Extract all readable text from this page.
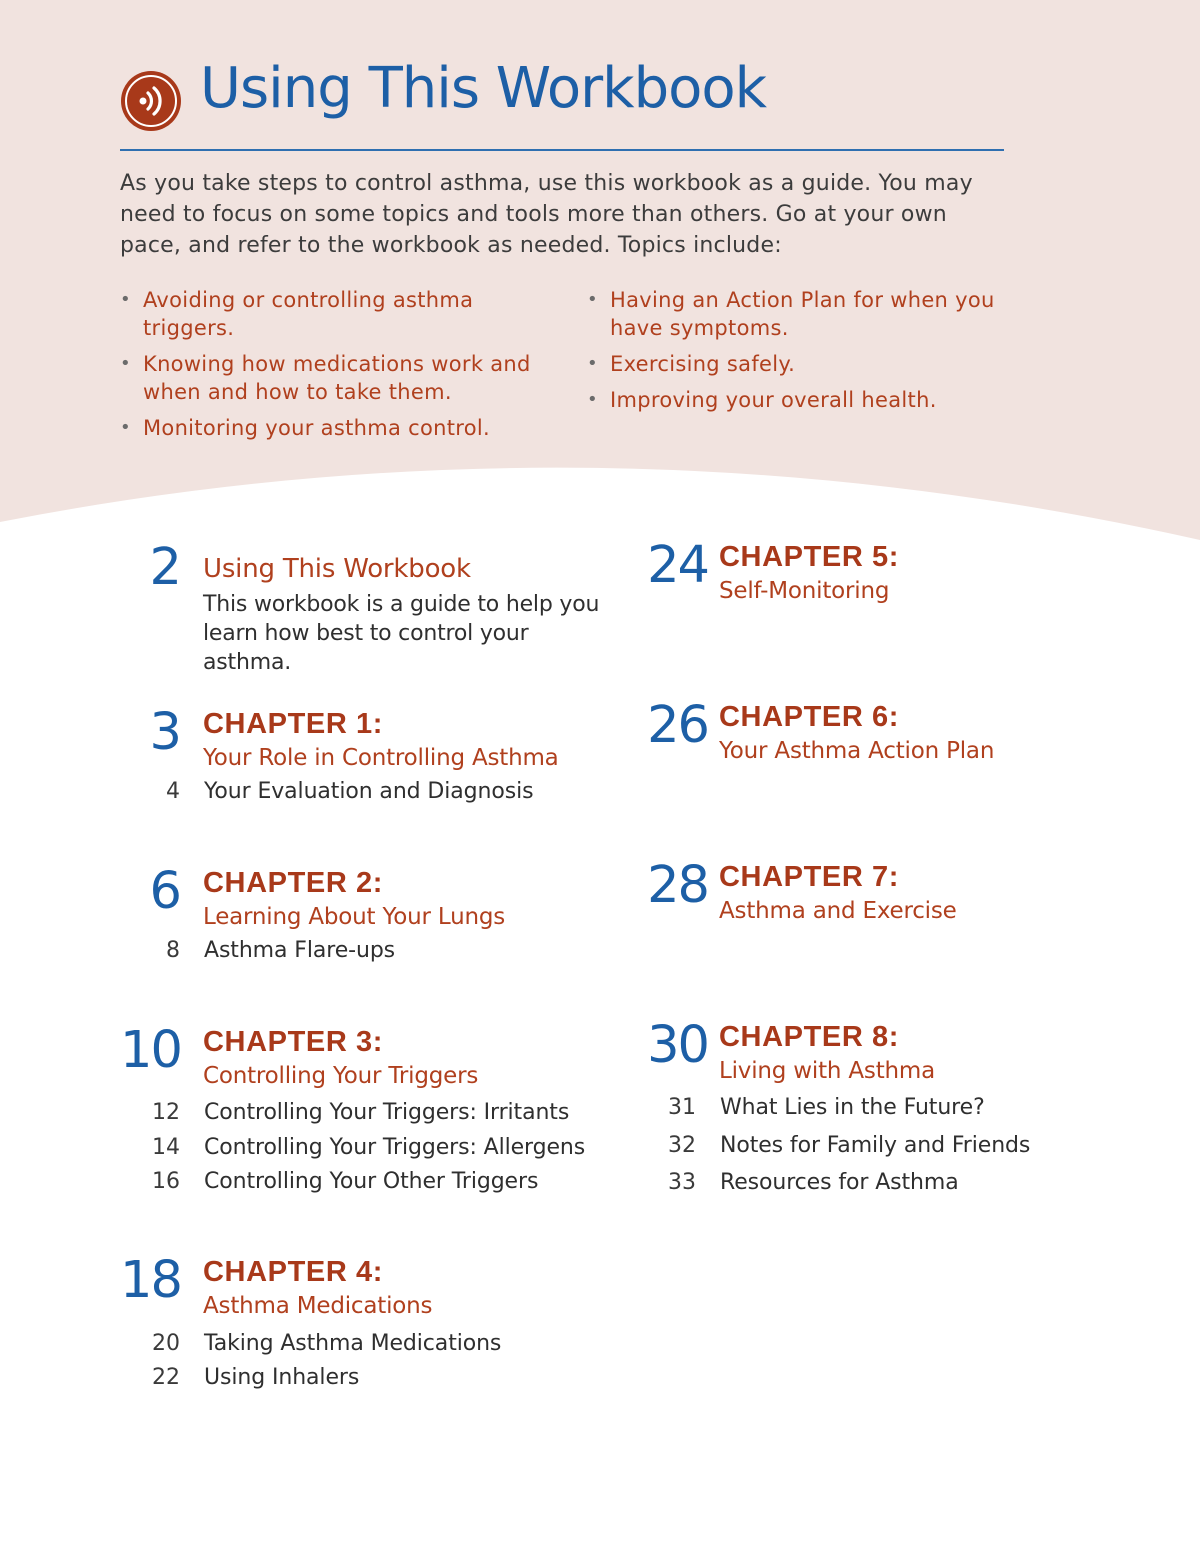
Using This Workbook

As you take steps to control asthma, use this workbook as a guide. You may need to focus on some topics and tools more than others. Go at your own pace, and refer to the workbook as needed. Topics include:

• Avoiding or controlling asthma triggers.
• Knowing how medications work and when and how to take them.
• Monitoring your asthma control.
• Having an Action Plan for when you have symptoms.
• Exercising safely.
• Improving your overall health.
2 Using This Workbook
This workbook is a guide to help you learn how best to control your asthma.
3 CHAPTER 1:
Your Role in Controlling Asthma
4 Your Evaluation and Diagnosis
6 CHAPTER 2:
Learning About Your Lungs
8 Asthma Flare-ups
10 CHAPTER 3:
Controlling Your Triggers
12 Controlling Your Triggers: Irritants
14 Controlling Your Triggers: Allergens
16 Controlling Your Other Triggers
18 CHAPTER 4:
Asthma Medications
20 Taking Asthma Medications
22 Using Inhalers
24 CHAPTER 5:
Self-Monitoring
26 CHAPTER 6:
Your Asthma Action Plan
28 CHAPTER 7:
Asthma and Exercise
30 CHAPTER 8:
Living with Asthma
31 What Lies in the Future?
32 Notes for Family and Friends
33 Resources for Asthma
